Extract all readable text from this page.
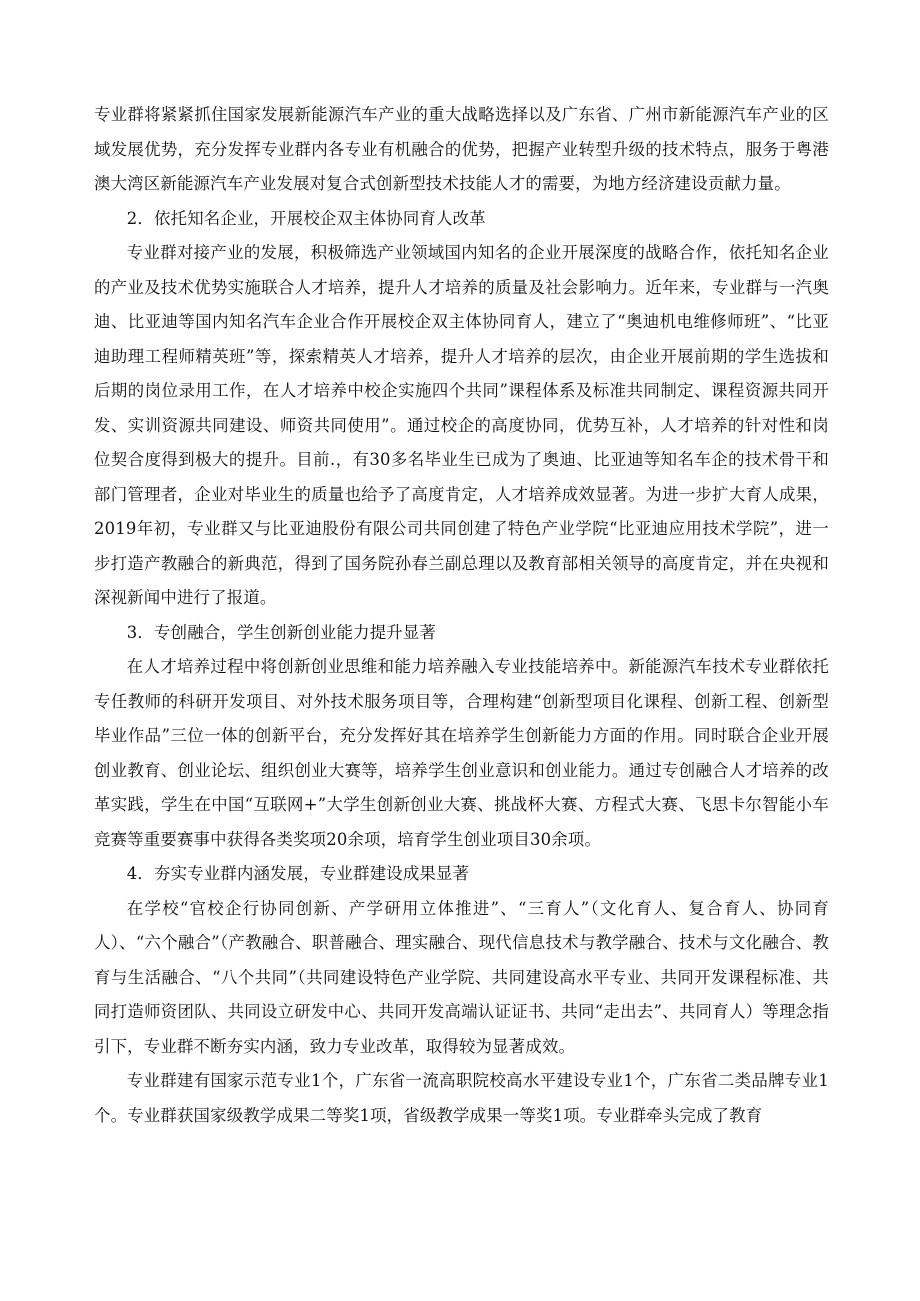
专业群将紧紧抓住国家发展新能源汽车产业的重大战略选择以及广东省、广州市新能源汽车产业的区域发展优势，充分发挥专业群内各专业有机融合的优势，把握产业转型升级的技术特点，服务于粤港澳大湾区新能源汽车产业发展对复合式创新型技术技能人才的需要，为地方经济建设贡献力量。

2．依托知名企业，开展校企双主体协同育人改革

专业群对接产业的发展，积极筛选产业领域国内知名的企业开展深度的战略合作，依托知名企业的产业及技术优势实施联合人才培养，提升人才培养的质量及社会影响力。近年来，专业群与一汽奥迪、比亚迪等国内知名汽车企业合作开展校企双主体协同育人，建立了“奥迪机电维修师班”、“比亚迪助理工程师精英班”等，探索精英人才培养，提升人才培养的层次，由企业开展前期的学生选拔和后期的岗位录用工作，在人才培养中校企实施四个共同”课程体系及标准共同制定、课程资源共同开发、实训资源共同建设、师资共同使用”。通过校企的高度协同，优势互补，人才培养的针对性和岗位契合度得到极大的提升。目前.，有30多名毕业生已成为了奥迪、比亚迪等知名车企的技术骨干和部门管理者，企业对毕业生的质量也给予了高度肯定，人才培养成效显著。为进一步扩大育人成果，2019年初，专业群又与比亚迪股份有限公司共同创建了特色产业学院“比亚迪应用技术学院”，进一步打造产教融合的新典范，得到了国务院孙春兰副总理以及教育部相关领导的高度肯定，并在央视和深视新闻中进行了报道。

3．专创融合，学生创新创业能力提升显著

在人才培养过程中将创新创业思维和能力培养融入专业技能培养中。新能源汽车技术专业群依托专任教师的科研开发项目、对外技术服务项目等，合理构建“创新型项目化课程、创新工程、创新型毕业作品”三位一体的创新平台，充分发挥好其在培养学生创新能力方面的作用。同时联合企业开展创业教育、创业论坛、组织创业大赛等，培养学生创业意识和创业能力。通过专创融合人才培养的改革实践，学生在中国“互联网+”大学生创新创业大赛、挑战杯大赛、方程式大赛、飞思卡尔智能小车竞赛等重要赛事中获得各类奖项20余项，培育学生创业项目30余项。

4．夯实专业群内涵发展，专业群建设成果显著

在学校“官校企行协同创新、产学研用立体推进”、“三育人”（文化育人、复合育人、协同育人）、“六个融合”（产教融合、职普融合、理实融合、现代信息技术与教学融合、技术与文化融合、教育与生活融合、“八个共同”（共同建设特色产业学院、共同建设高水平专业、共同开发课程标准、共同打造师资团队、共同设立研发中心、共同开发高端认证证书、共同“走出去”、共同育人）等理念指引下，专业群不断夯实内涵，致力专业改革，取得较为显著成效。

专业群建有国家示范专业1个，广东省一流高职院校高水平建设专业1个，广东省二类品牌专业1个。专业群获国家级教学成果二等奖1项，省级教学成果一等奖1项。专业群牵头完成了教育
